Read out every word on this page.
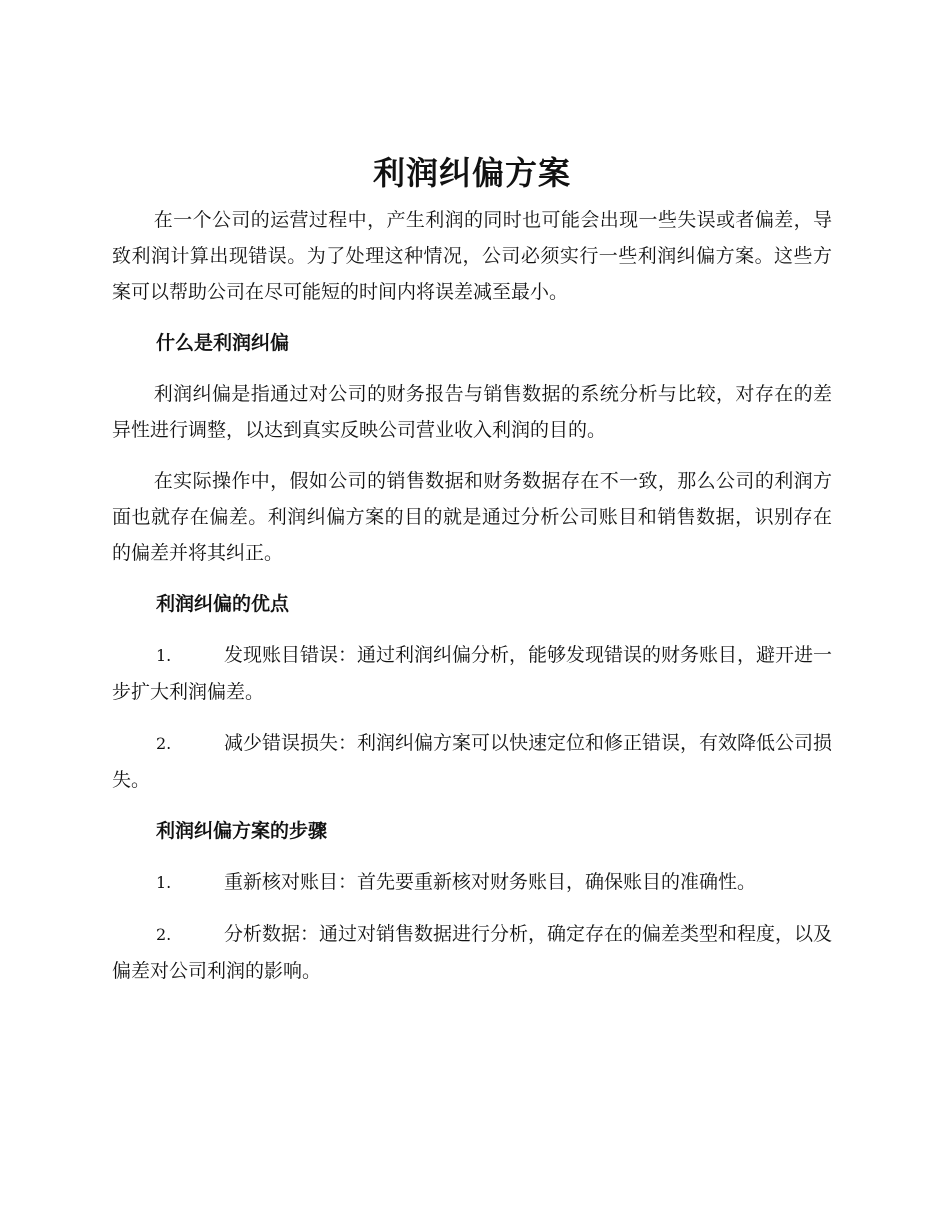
利润纠偏方案

在一个公司的运营过程中，产生利润的同时也可能会出现一些失误或者偏差，导致利润计算出现错误。为了处理这种情况，公司必须实行一些利润纠偏方案。这些方案可以帮助公司在尽可能短的时间内将误差减至最小。

什么是利润纠偏

利润纠偏是指通过对公司的财务报告与销售数据的系统分析与比较，对存在的差异性进行调整，以达到真实反映公司营业收入利润的目的。

在实际操作中，假如公司的销售数据和财务数据存在不一致，那么公司的利润方面也就存在偏差。利润纠偏方案的目的就是通过分析公司账目和销售数据，识别存在的偏差并将其纠正。

利润纠偏的优点

1.	发现账目错误：通过利润纠偏分析，能够发现错误的财务账目，避开进一步扩大利润偏差。

2.	减少错误损失：利润纠偏方案可以快速定位和修正错误，有效降低公司损失。

利润纠偏方案的步骤

1.	重新核对账目：首先要重新核对财务账目，确保账目的准确性。

2.	分析数据：通过对销售数据进行分析，确定存在的偏差类型和程度，以及偏差对公司利润的影响。
